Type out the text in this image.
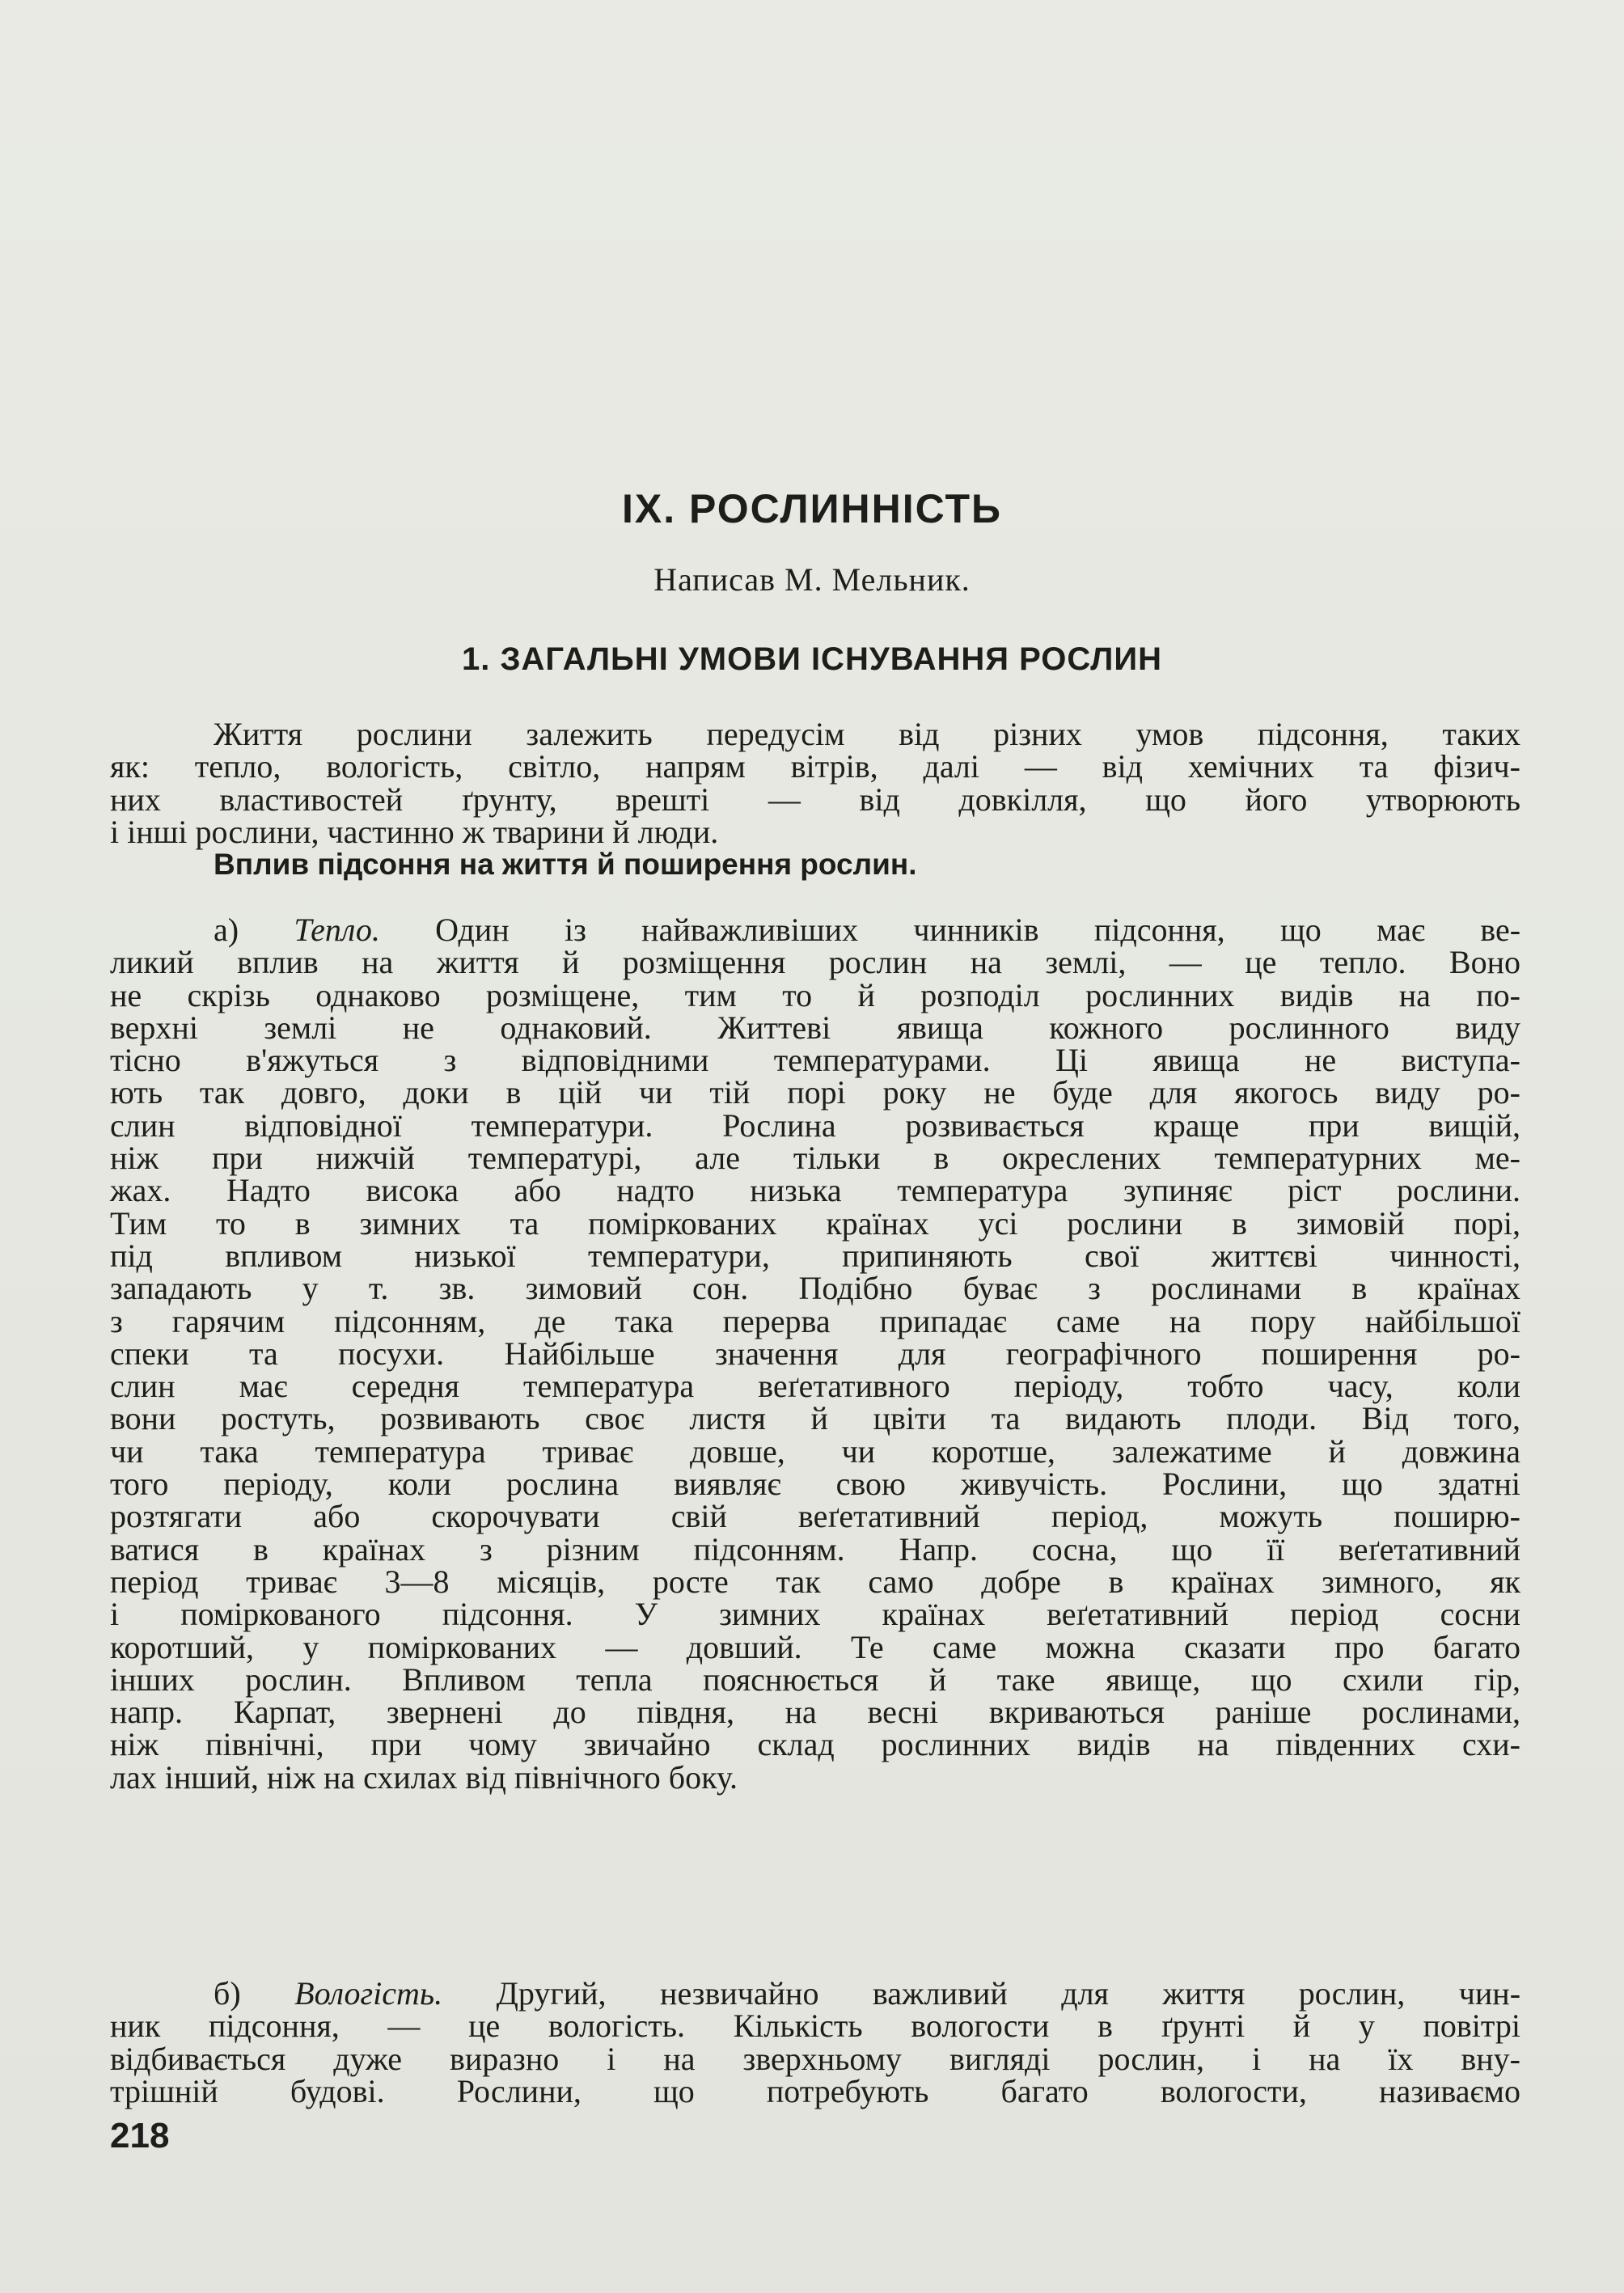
IX. РОСЛИННІСТЬ
Написав М. Мельник.
1. ЗАГАЛЬНІ УМОВИ ІСНУВАННЯ РОСЛИН
Життя рослини залежить передусім від різних умов підсоння, таких
як: тепло, вологість, світло, напрям вітрів, далі — від хемічних та фізич-
них властивостей ґрунту, врешті — від довкілля, що його утворюють
і інші рослини, частинно ж тварини й люди.
Вплив підсоння на життя й поширення рослин.
а) Тепло. Один із найважливіших чинників підсоння, що має ве-
ликий вплив на життя й розміщення рослин на землі, — це тепло. Воно
не скрізь однаково розміщене, тим то й розподіл рослинних видів на по-
верхні землі не однаковий. Життеві явища кожного рослинного виду
тісно в'яжуться з відповідними температурами. Ці явища не виступа-
ють так довго, доки в цій чи тій порі року не буде для якогось виду ро-
слин відповідної температури. Рослина розвивається краще при вищій,
ніж при нижчій температурі, але тільки в окреслених температурних ме-
жах. Надто висока або надто низька температура зупиняє ріст рослини.
Тим то в зимних та поміркованих країнах усі рослини в зимовій порі,
під впливом низької температури, припиняють свої життєві чинності,
западають у т. зв. зимовий сон. Подібно буває з рослинами в країнах
з гарячим підсонням, де така перерва припадає саме на пору найбільшої
спеки та посухи. Найбільше значення для географічного поширення ро-
слин має середня температура веґетативного періоду, тобто часу, коли
вони ростуть, розвивають своє листя й цвіти та видають плоди. Від того,
чи така температура триває довше, чи коротше, залежатиме й довжина
того періоду, коли рослина виявляє свою живучість. Рослини, що здатні
розтягати або скорочувати свій веґетативний період, можуть поширю-
ватися в країнах з різним підсонням. Напр. сосна, що її веґетативний
період триває 3—8 місяців, росте так само добре в країнах зимного, як
і поміркованого підсоння. У зимних країнах веґетативний період сосни
коротший, у поміркованих — довший. Те саме можна сказати про багато
інших рослин. Впливом тепла пояснюється й таке явище, що схили гір,
напр. Карпат, звернені до півдня, на весні вкриваються раніше рослинами,
ніж північні, при чому звичайно склад рослинних видів на південних схи-
лах інший, ніж на схилах від північного боку.
б) Вологість. Другий, незвичайно важливий для життя рослин, чин-
ник підсоння, — це вологість. Кількість вологости в ґрунті й у повітрі
відбивається дуже виразно і на зверхньому вигляді рослин, і на їх вну-
трішній будові. Рослини, що потребують багато вологости, називаємо
218
